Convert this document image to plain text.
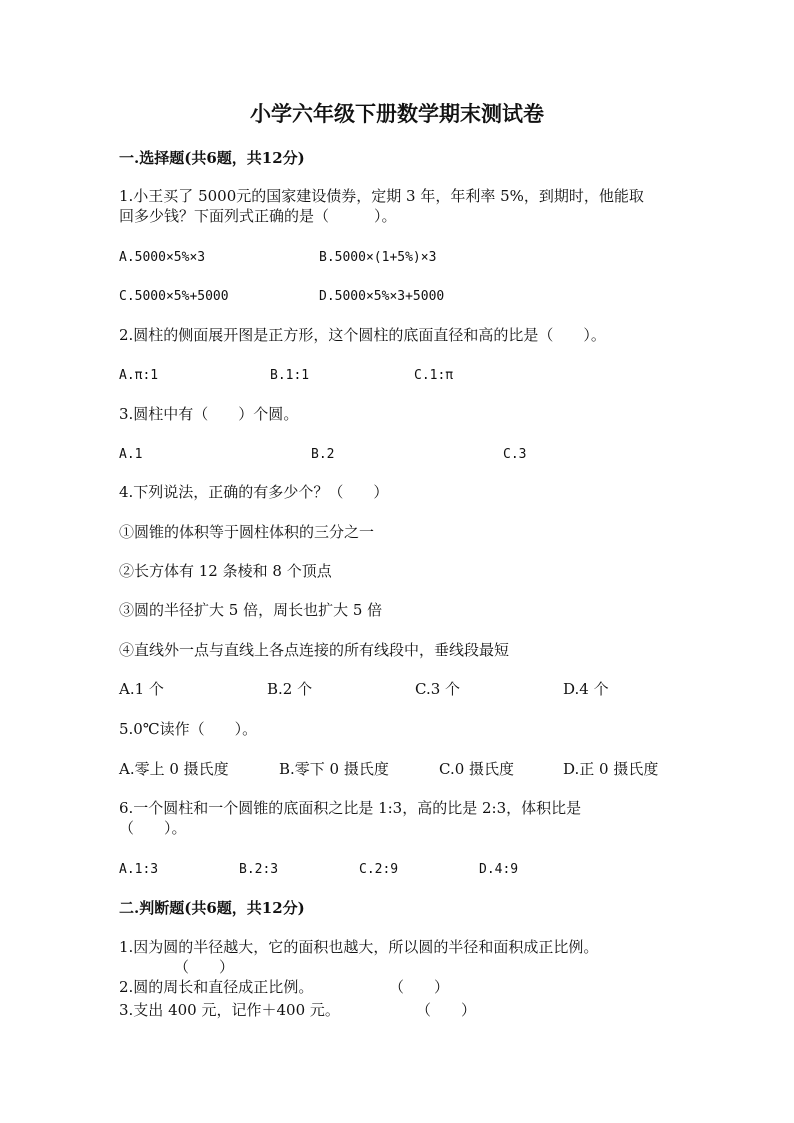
小学六年级下册数学期末测试卷
一.选择题(共6题，共12分)
1.小王买了 5000元的国家建设债券，定期 3 年，年利率 5%，到期时，他能取
回多少钱？下面列式正确的是（　　　）。
A.5000×5%×3	B.5000×(1+5%)×3
C.5000×5%+5000	D.5000×5%×3+5000
2.圆柱的侧面展开图是正方形，这个圆柱的底面直径和高的比是（　　）。
A.π:1	B.1:1	C.1:π
3.圆柱中有（　　）个圆。
A.1	B.2	C.3
4.下列说法，正确的有多少个？（　　）
①圆锥的体积等于圆柱体积的三分之一
②长方体有 12 条棱和 8 个顶点
③圆的半径扩大 5 倍，周长也扩大 5 倍
④直线外一点与直线上各点连接的所有线段中，垂线段最短
A.1 个	B.2 个	C.3 个	D.4 个
5.0℃读作（　　）。
A.零上 0 摄氏度	B.零下 0 摄氏度	C.0 摄氏度	D.正 0 摄氏度
6.一个圆柱和一个圆锥的底面积之比是 1:3，高的比是 2:3，体积比是
（　　）。
A.1:3	B.2:3	C.2:9	D.4:9
二.判断题(共6题，共12分)
1.因为圆的半径越大，它的面积也越大，所以圆的半径和面积成正比例。
（　　）
2.圆的周长和直径成正比例。	（　　）
3.支出 400 元，记作＋400 元。	（　　）
